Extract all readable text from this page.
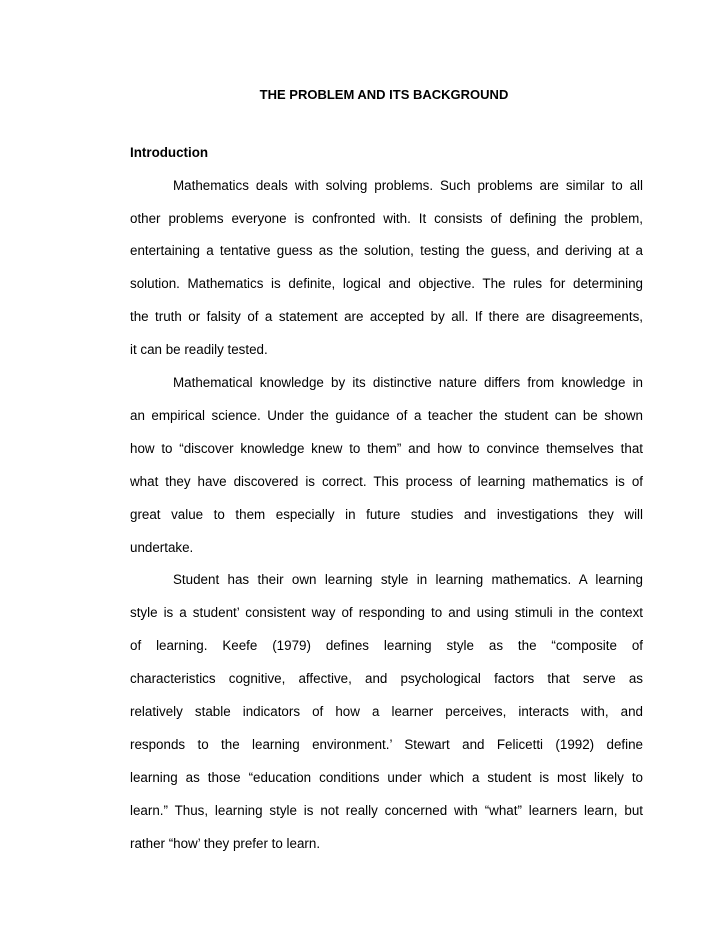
THE PROBLEM AND ITS BACKGROUND
Introduction
Mathematics deals with solving problems. Such problems are similar to all
other problems everyone is confronted with. It consists of defining the problem,
entertaining a tentative guess as the solution, testing the guess, and deriving at a
solution. Mathematics is definite, logical and objective. The rules for determining
the truth or falsity of a statement are accepted by all. If there are disagreements,
it can be readily tested.
Mathematical knowledge by its distinctive nature differs from knowledge in
an empirical science. Under the guidance of a teacher the student can be shown
how to “discover knowledge knew to them” and how to convince themselves that
what they have discovered is correct. This process of learning mathematics is of
great value to them especially in future studies and investigations they will
undertake.
Student has their own learning style in learning mathematics. A learning
style is a student’ consistent way of responding to and using stimuli in the context
of learning. Keefe (1979) defines learning style as the “composite of
characteristics cognitive, affective, and psychological factors that serve as
relatively stable indicators of how a learner perceives, interacts with, and
responds to the learning environment.’ Stewart and Felicetti (1992) define
learning as those “education conditions under which a student is most likely to
learn.” Thus, learning style is not really concerned with “what” learners learn, but
rather “how’ they prefer to learn.
